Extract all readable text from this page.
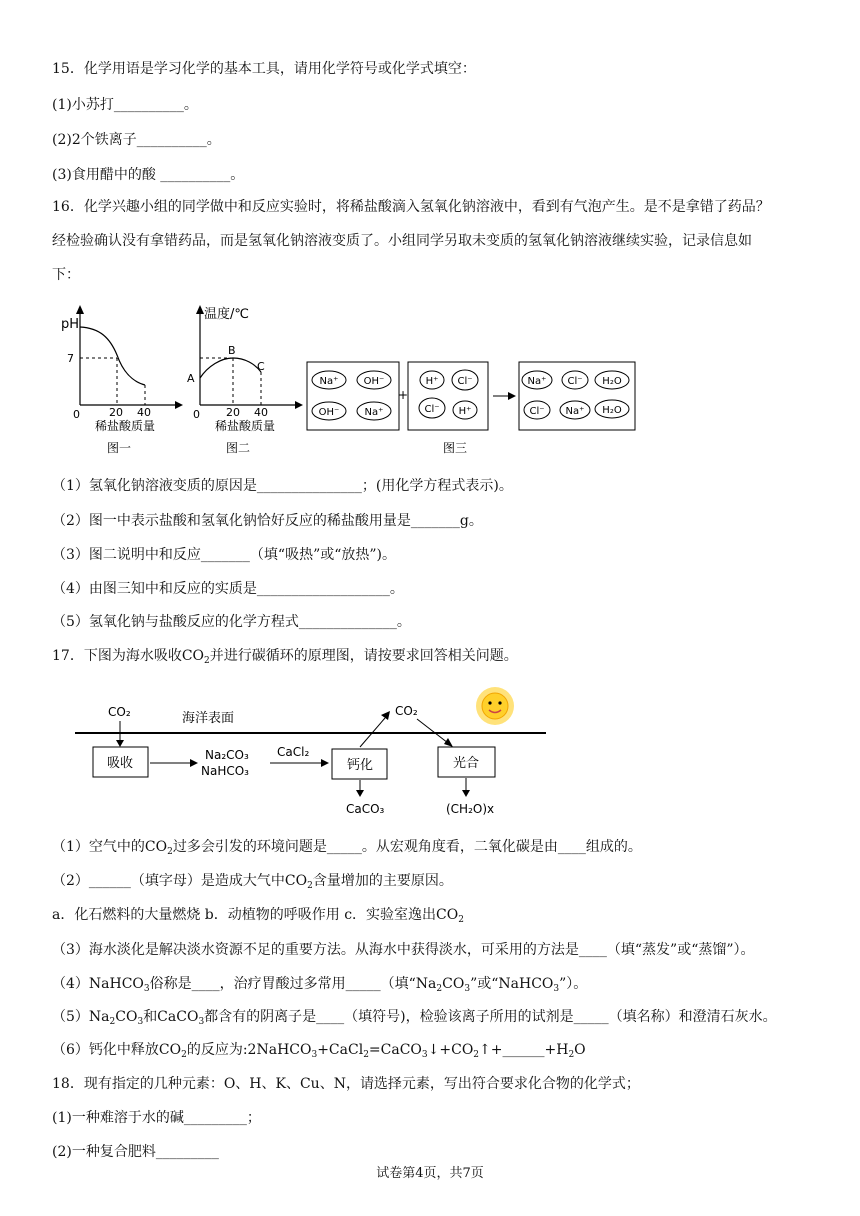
15．化学用语是学习化学的基本工具，请用化学符号或化学式填空：
(1)小苏打__________。
(2)2个铁离子__________。
(3)食用醋中的酸 __________。
16．化学兴趣小组的同学做中和反应实验时，将稀盐酸滴入氢氧化钠溶液中，看到有气泡产生。是不是拿错了药品？
经检验确认没有拿错药品，而是氢氧化钠溶液变质了。小组同学另取未变质的氢氧化钠溶液继续实验，记录信息如
下：
pH
7
0	20 40
稀盐酸质量
图一
温度/℃
A
B
C
0 20 40
稀盐酸质量
图二
Na⁺	OH⁻
OH⁻	Na⁺
+
H⁺ Cl⁻
Cl⁻ H⁺
Na⁺ Cl⁻ H₂O
Cl⁻ Na⁺ H₂O
图三
（1）氢氧化钠溶液变质的原因是_______________；(用化学方程式表示)。
（2）图一中表示盐酸和氢氧化钠恰好反应的稀盐酸用量是_______g。
（3）图二说明中和反应_______（填“吸热”或“放热”)。
（4）由图三知中和反应的实质是___________________。
（5）氢氧化钠与盐酸反应的化学方程式______________。
17．下图为海水吸收$CO_2$并进行碳循环的原理图，请按要求回答相关问题。
CO₂	海洋表面
吸收
Na₂CO₃
NaHCO₃
CaCl₂
钙化
CO₂
光合
CaCO₃	(CH₂O)x
（1）空气中的$CO_2$过多会引发的环境问题是_____。从宏观角度看，二氧化碳是由____组成的。
（2）______（填字母）是造成大气中$CO_2$含量增加的主要原因。
a．化石燃料的大量燃烧 b．动植物的呼吸作用 c．实验室逸出$CO_2$
（3）海水淡化是解决淡水资源不足的重要方法。从海水中获得淡水，可采用的方法是____（填“蒸发”或“蒸馏”）。
（4）NaHCO$_3$俗称是____，治疗胃酸过多常用_____（填“$Na_2CO_3$”或“NaHCO$_3$”）。
$(5)Na_2CO_3$和CaCO$_3$都含有的阴离子是____（填符号)，检验该离子所用的试剂是_____（填名称）和澄清石灰水。
（6）钙化中释放$CO_2$的反应为$:2NaHCO_3+CaCl_2=CaCO_3↓+CO_2↑+\_\_\_\_\_\_+H_2O$
18．现有指定的几种元素：O、H、K、Cu、N，请选择元素，写出符合要求化合物的化学式；
(1)一种难溶于水的碱_________；
(2)一种复合肥料_________
试卷第4页，共7页
